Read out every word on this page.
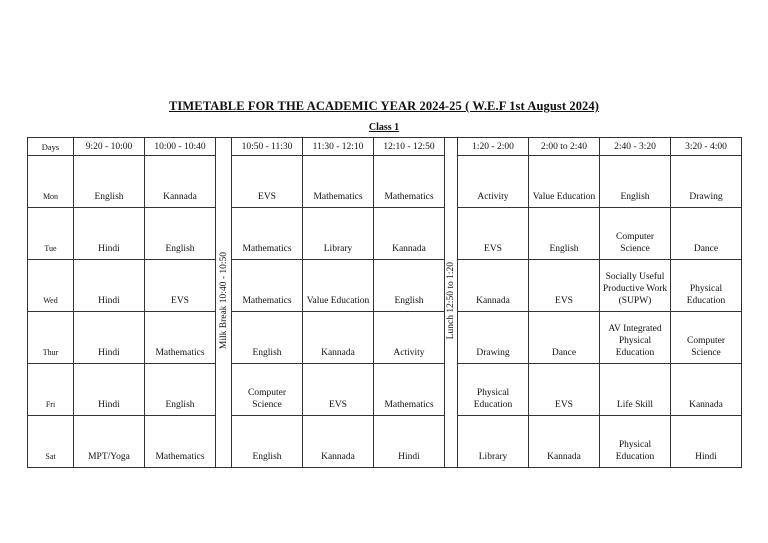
TIMETABLE FOR THE ACADEMIC YEAR 2024-25 ( W.E.F 1st August 2024)
Class 1
Days	9:20 - 10:00	10:00 - 10:40	Milk Break 10:40 - 10:50	10:50 - 11:30	11:30 - 12:10	12:10 - 12:50	Lunch 12:50 to 1:20	1:20 - 2:00	2:00 to 2:40	2:40 - 3:20	3:20 - 4:00
Mon	English	Kannada		EVS	Mathematics	Mathematics		Activity	Value Education	English	Drawing
Tue	Hindi	English		Mathematics	Library	Kannada		EVS	English	Computer Science	Dance
Wed	Hindi	EVS		Mathematics	Value Education	English		Kannada	EVS	Socially Useful Productive Work (SUPW)	Physical Education
Thur	Hindi	Mathematics		English	Kannada	Activity		Drawing	Dance	AV Integrated Physical Education	Computer Science
Fri	Hindi	English		Computer Science	EVS	Mathematics		Physical Education	EVS	Life Skill	Kannada
Sat	MPT/Yoga	Mathematics		English	Kannada	Hindi		Library	Kannada	Physical Education	Hindi
